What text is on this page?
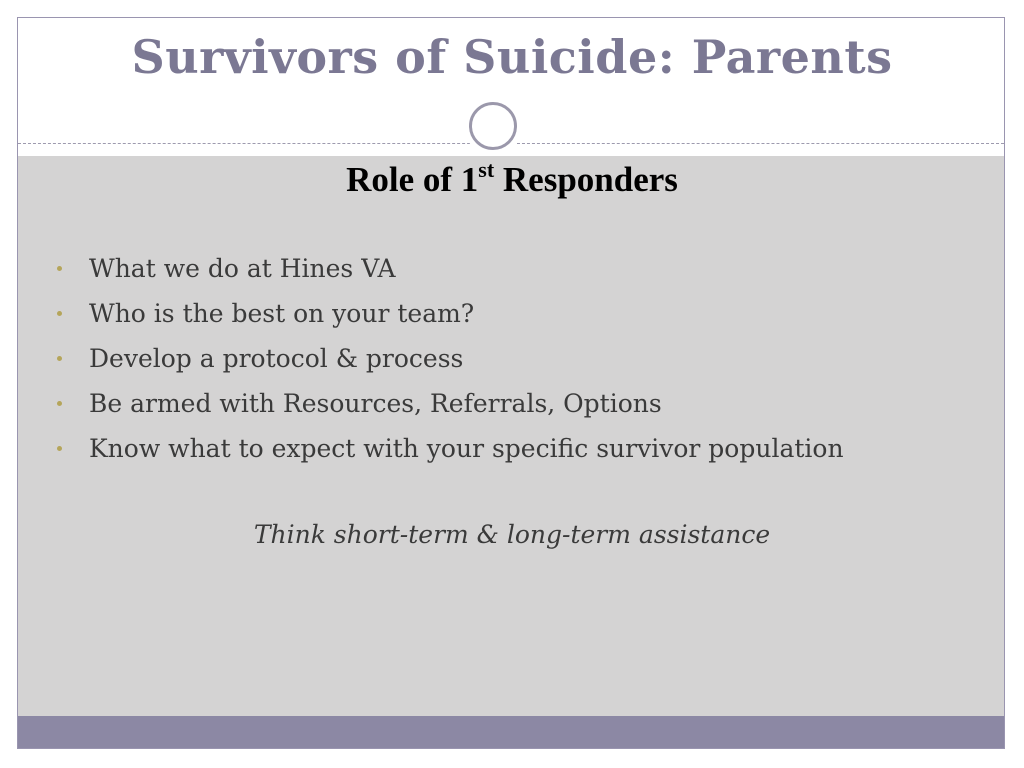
Survivors of Suicide: Parents
Role of 1st Responders
What we do at Hines VA
Who is the best on your team?
Develop a protocol & process
Be armed with Resources, Referrals, Options
Know what to expect with your specific survivor population

Think short-term & long-term assistance
